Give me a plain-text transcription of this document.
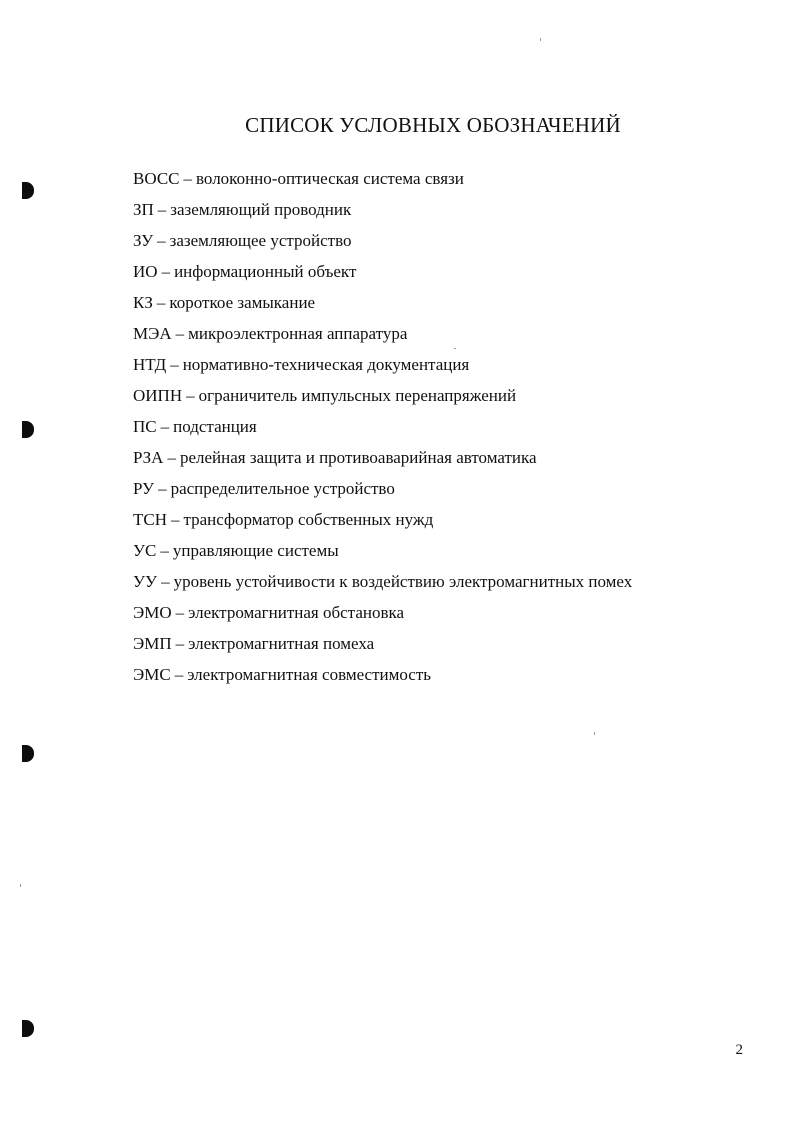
СПИСОК УСЛОВНЫХ ОБОЗНАЧЕНИЙ
ВОСС – волоконно-оптическая система связи
ЗП – заземляющий проводник
ЗУ – заземляющее устройство
ИО – информационный объект
КЗ – короткое замыкание
МЭА – микроэлектронная аппаратура
НТД – нормативно-техническая документация
ОИПН – ограничитель импульсных перенапряжений
ПС – подстанция
РЗА – релейная защита и противоаварийная автоматика
РУ – распределительное устройство
ТСН – трансформатор собственных нужд
УС – управляющие системы
УУ – уровень устойчивости к воздействию электромагнитных помех
ЭМО – электромагнитная обстановка
ЭМП – электромагнитная помеха
ЭМС – электромагнитная совместимость
2
